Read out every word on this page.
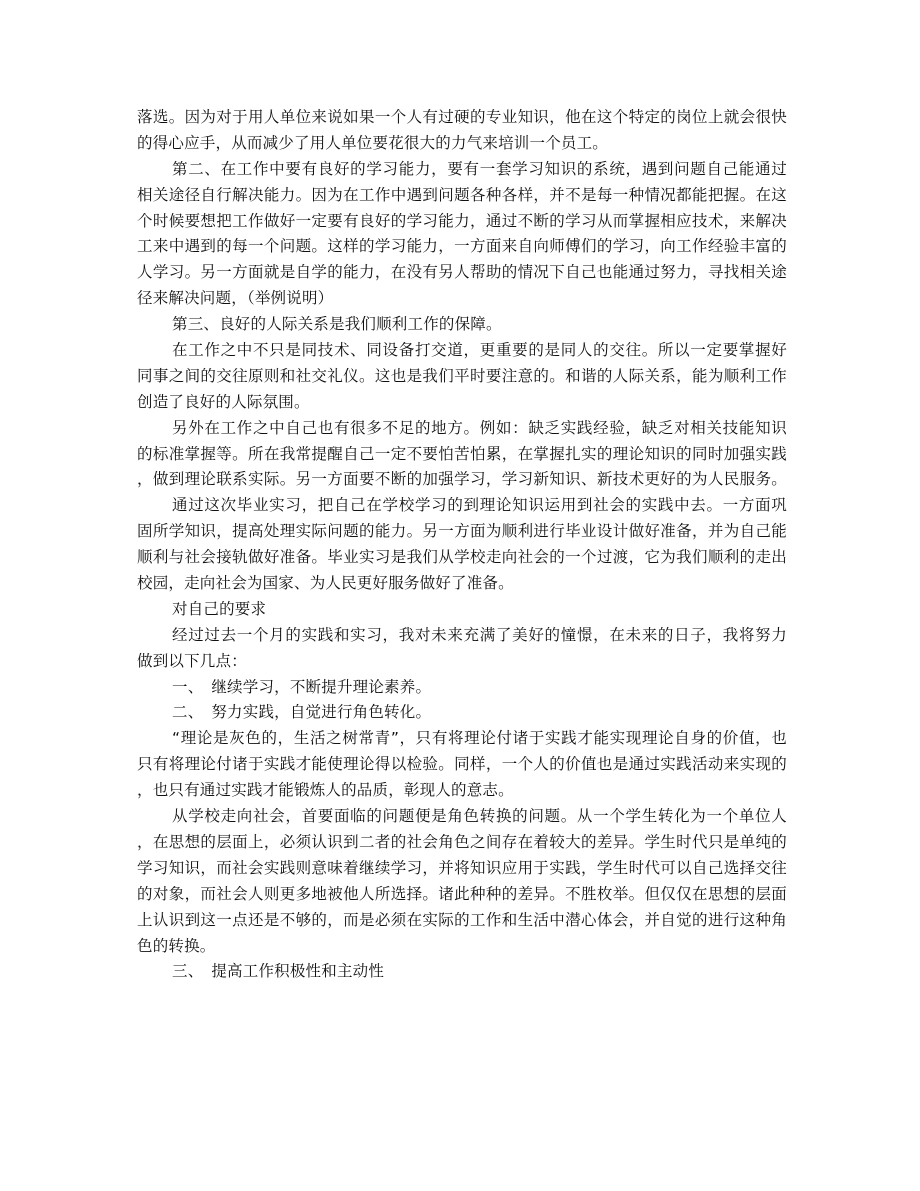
落选。因为对于用人单位来说如果一个人有过硬的专业知识，他在这个特定的岗位上就会很快
的得心应手，从而减少了用人单位要花很大的力气来培训一个员工。
第二、在工作中要有良好的学习能力，要有一套学习知识的系统，遇到问题自己能通过
相关途径自行解决能力。因为在工作中遇到问题各种各样，并不是每一种情况都能把握。在这
个时候要想把工作做好一定要有良好的学习能力，通过不断的学习从而掌握相应技术，来解决
工来中遇到的每一个问题。这样的学习能力，一方面来自向师傅们的学习，向工作经验丰富的
人学习。另一方面就是自学的能力，在没有另人帮助的情况下自己也能通过努力，寻找相关途
径来解决问题，（举例说明）
第三、良好的人际关系是我们顺利工作的保障。
在工作之中不只是同技术、同设备打交道，更重要的是同人的交往。所以一定要掌握好
同事之间的交往原则和社交礼仪。这也是我们平时要注意的。和谐的人际关系，能为顺利工作
创造了良好的人际氛围。
另外在工作之中自己也有很多不足的地方。例如：缺乏实践经验，缺乏对相关技能知识
的标准掌握等。所在我常提醒自己一定不要怕苦怕累，在掌握扎实的理论知识的同时加强实践
，做到理论联系实际。另一方面要不断的加强学习，学习新知识、新技术更好的为人民服务。
通过这次毕业实习，把自己在学校学习的到理论知识运用到社会的实践中去。一方面巩
固所学知识，提高处理实际问题的能力。另一方面为顺利进行毕业设计做好准备，并为自己能
顺利与社会接轨做好准备。毕业实习是我们从学校走向社会的一个过渡，它为我们顺利的走出
校园，走向社会为国家、为人民更好服务做好了准备。
对自己的要求
经过过去一个月的实践和实习，我对未来充满了美好的憧憬，在未来的日子，我将努力
做到以下几点：
一、　继续学习，不断提升理论素养。
二、　努力实践，自觉进行角色转化。
“理论是灰色的，生活之树常青”，只有将理论付诸于实践才能实现理论自身的价值，也
只有将理论付诸于实践才能使理论得以检验。同样，一个人的价值也是通过实践活动来实现的
，也只有通过实践才能锻炼人的品质，彰现人的意志。
从学校走向社会，首要面临的问题便是角色转换的问题。从一个学生转化为一个单位人
，在思想的层面上，必须认识到二者的社会角色之间存在着较大的差异。学生时代只是单纯的
学习知识，而社会实践则意味着继续学习，并将知识应用于实践，学生时代可以自己选择交往
的对象，而社会人则更多地被他人所选择。诸此种种的差异。不胜枚举。但仅仅在思想的层面
上认识到这一点还是不够的，而是必须在实际的工作和生活中潜心体会，并自觉的进行这种角
色的转换。
三、　提高工作积极性和主动性
